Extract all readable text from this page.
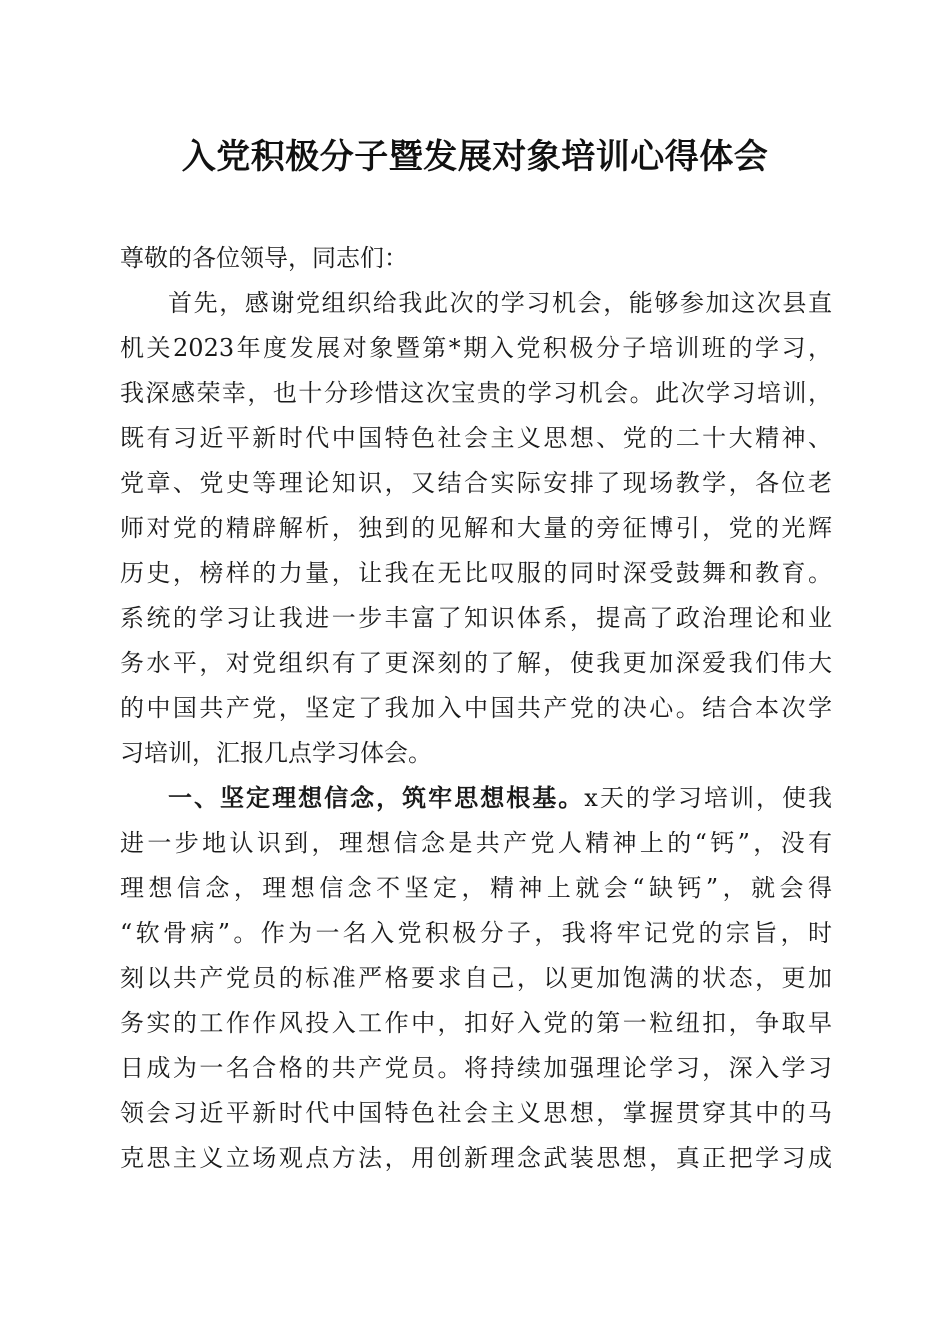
入党积极分子暨发展对象培训心得体会
尊敬的各位领导，同志们：
首先，感谢党组织给我此次的学习机会，能够参加这次县直
机关2023年度发展对象暨第*期入党积极分子培训班的学习，
我深感荣幸，也十分珍惜这次宝贵的学习机会。此次学习培训，
既有习近平新时代中国特色社会主义思想、党的二十大精神、
党章、党史等理论知识，又结合实际安排了现场教学，各位老
师对党的精辟解析，独到的见解和大量的旁征博引，党的光辉
历史，榜样的力量，让我在无比叹服的同时深受鼓舞和教育。
系统的学习让我进一步丰富了知识体系，提高了政治理论和业
务水平，对党组织有了更深刻的了解，使我更加深爱我们伟大
的中国共产党，坚定了我加入中国共产党的决心。结合本次学
习培训，汇报几点学习体会。
一、坚定理想信念，筑牢思想根基。x天的学习培训，使我
进一步地认识到，理想信念是共产党人精神上的“钙”，没有
理想信念，理想信念不坚定，精神上就会“缺钙”，就会得
“软骨病”。作为一名入党积极分子，我将牢记党的宗旨，时
刻以共产党员的标准严格要求自己，以更加饱满的状态，更加
务实的工作作风投入工作中，扣好入党的第一粒纽扣，争取早
日成为一名合格的共产党员。将持续加强理论学习，深入学习
领会习近平新时代中国特色社会主义思想，掌握贯穿其中的马
克思主义立场观点方法，用创新理念武装思想，真正把学习成
